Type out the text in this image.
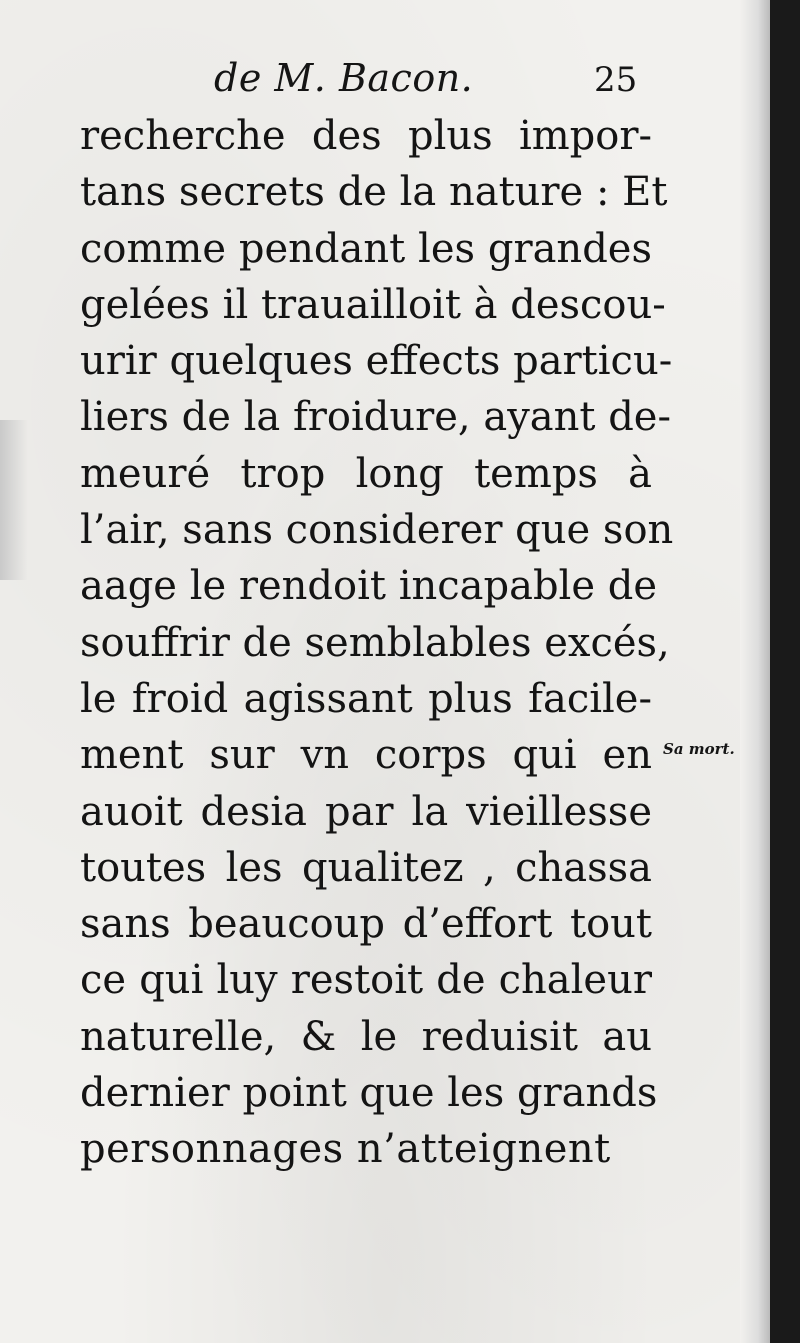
de M. Bacon.	25
recherche des plus impor-
tans secrets de la nature : Et
comme pendant les grandes
gelées il trauailloit à descou-
urir quelques effects particu-
liers de la froidure, ayant de-
meuré trop long temps à
l’air, sans considerer que son
aage le rendoit incapable de
souffrir de semblables excés,
le froid agissant plus facile-
ment sur vn corps qui en
auoit desia par la vieillesse
toutes les qualitez , chassa
sans beaucoup d’effort tout
ce qui luy restoit de chaleur
naturelle, & le reduisit au
dernier point que les grands
personnages n’atteignent
Sa mort.
